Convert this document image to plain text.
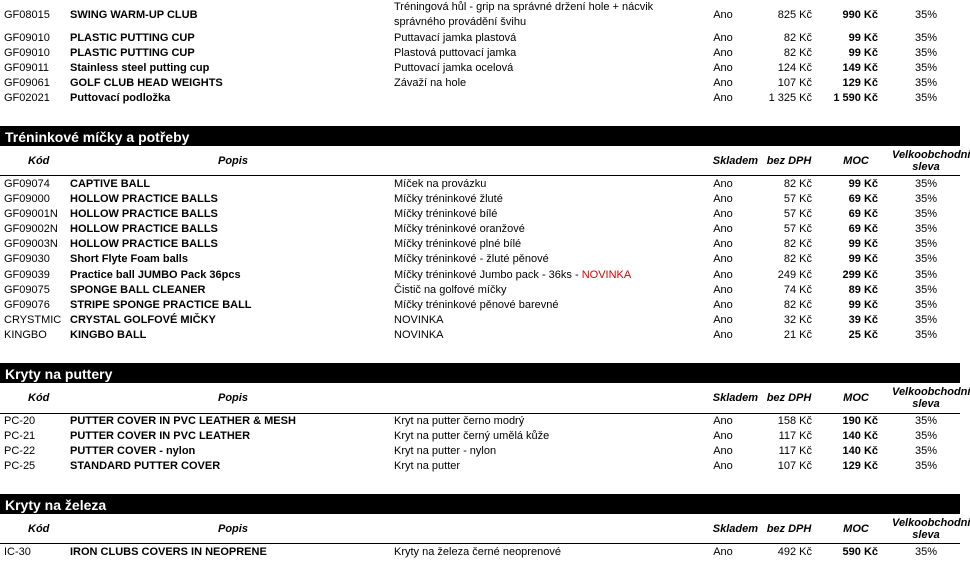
GF08015	SWING WARM-UP CLUB	Tréningová hůl - grip na správné držení hole + nácvik správného provádění švihu	Ano	825 Kč	990 Kč	35%
GF09010	PLASTIC PUTTING CUP	Puttavací jamka plastová	Ano	82 Kč	99 Kč	35%
GF09010	PLASTIC PUTTING CUP	Plastová puttovací jamka	Ano	82 Kč	99 Kč	35%
GF09011	Stainless steel putting cup	Puttovací jamka ocelová	Ano	124 Kč	149 Kč	35%
GF09061	GOLF CLUB HEAD WEIGHTS	Závaží na hole	Ano	107 Kč	129 Kč	35%
GF02021	Puttovací podložka		Ano	1 325 Kč	1 590 Kč	35%
Tréninkové míčky a potřeby
Kód	Popis		Skladem	bez DPH	MOC	Velkoobchodní
sleva
GF09074	CAPTIVE BALL	Míček na provázku	Ano	82 Kč	99 Kč	35%
GF09000	HOLLOW PRACTICE BALLS	Míčky tréninkové žluté	Ano	57 Kč	69 Kč	35%
GF09001N	HOLLOW PRACTICE BALLS	Míčky tréninkové bílé	Ano	57 Kč	69 Kč	35%
GF09002N	HOLLOW PRACTICE BALLS	Míčky tréninkové oranžové	Ano	57 Kč	69 Kč	35%
GF09003N	HOLLOW PRACTICE BALLS	Míčky tréninkové plné bílé	Ano	82 Kč	99 Kč	35%
GF09030	Short Flyte Foam balls	Míčky tréninkové - žluté pěnové	Ano	82 Kč	99 Kč	35%
GF09039	Practice ball JUMBO Pack 36pcs	Míčky tréninkové Jumbo pack - 36ks - NOVINKA	Ano	249 Kč	299 Kč	35%
GF09075	SPONGE BALL CLEANER	Čistič na golfové míčky	Ano	74 Kč	89 Kč	35%
GF09076	STRIPE SPONGE PRACTICE BALL	Míčky tréninkové pěnové barevné	Ano	82 Kč	99 Kč	35%
CRYSTMIC	CRYSTAL GOLFOVÉ MIČKY	NOVINKA	Ano	32 Kč	39 Kč	35%
KINGBO	KINGBO BALL	NOVINKA	Ano	21 Kč	25 Kč	35%
Kryty na puttery
Kód	Popis		Skladem	bez DPH	MOC	Velkoobchodní
sleva
PC-20	PUTTER COVER IN PVC LEATHER & MESH	Kryt na putter černo modrý	Ano	158 Kč	190 Kč	35%
PC-21	PUTTER COVER IN PVC LEATHER	Kryt na putter černý umělá kůže	Ano	117 Kč	140 Kč	35%
PC-22	PUTTER COVER - nylon	Kryt na putter - nylon	Ano	117 Kč	140 Kč	35%
PC-25	STANDARD PUTTER COVER	Kryt na putter	Ano	107 Kč	129 Kč	35%
Kryty na železa
Kód	Popis		Skladem	bez DPH	MOC	Velkoobchodní
sleva
IC-30	IRON CLUBS COVERS IN NEOPRENE	Kryty na železa černé neoprenové	Ano	492 Kč	590 Kč	35%
